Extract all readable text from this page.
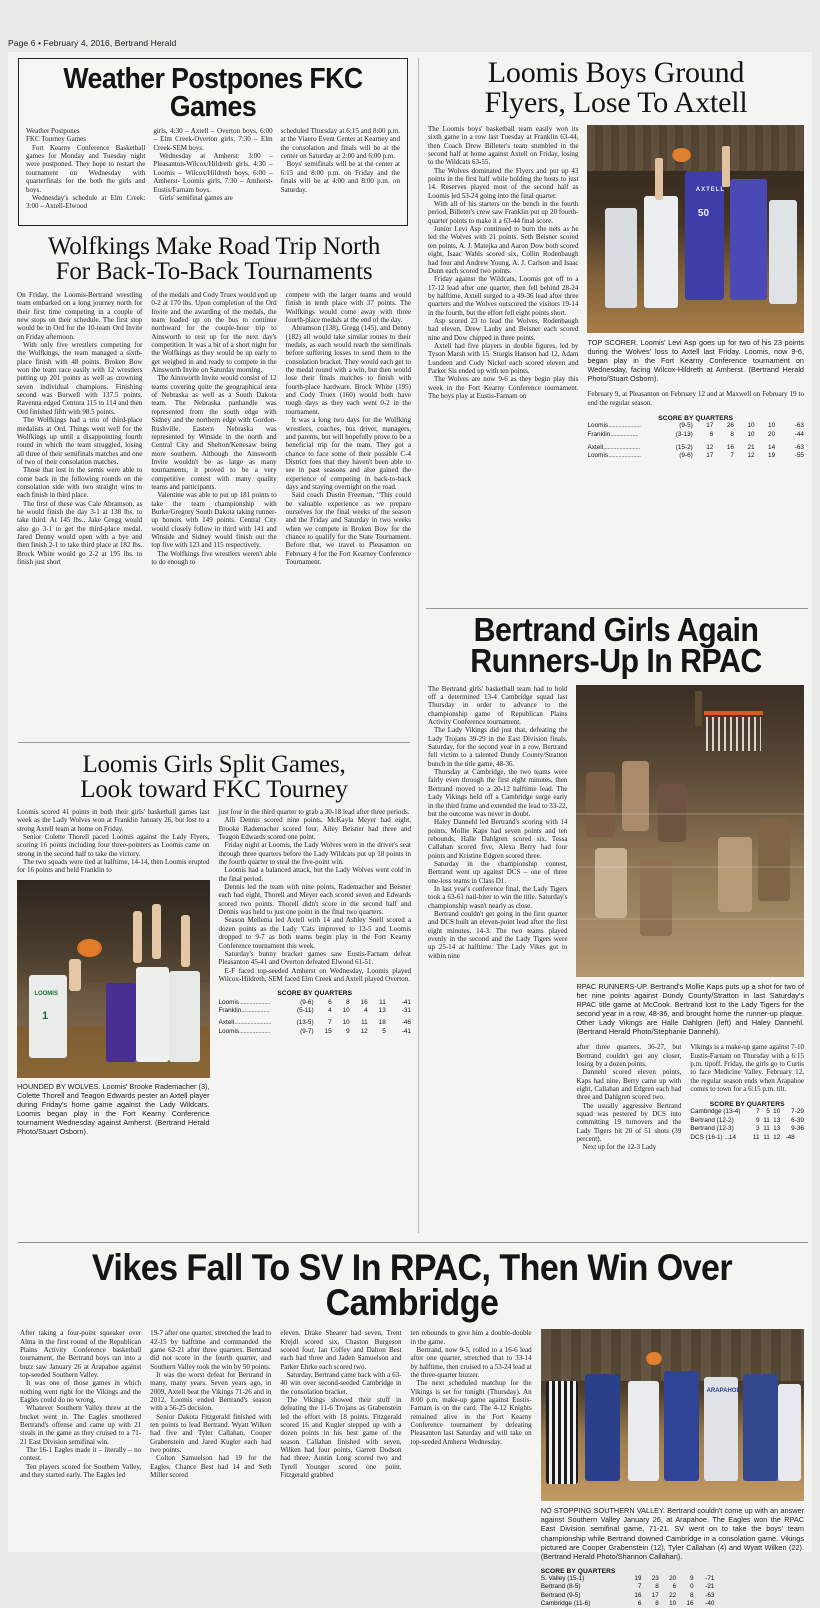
Page 6 • February 4, 2016, Bertrand Herald
Weather Postpones FKC Games

Weather Postpones

FKC Tourney Games

Fort Kearny Conference Basketball games for Monday and Tuesday night were postponed. They hope to restart the tournament on Wednesday with quarterfinals for the both the girls and boys.

Wednesday's schedule at Elm Creek: 3:00 – Axtell-Elwood

girls, 4:30 – Axtell – Overton boys, 6:00 – Elm Creek-Overton girls, 7:30 – Elm Creek-SEM boys.

Wednesday at Amherst: 3:00 – Pleasanton-Wilcox/Hildreth girls, 4:30 – Loomis – Wilcox/Hildreth boys, 6:00 – Amherst- Loomis girls, 7:30 – Amherst- Eustis/Farnam boys.

Girls' semifinal games are

scheduled Thursday at 6:15 and 8:00 p.m. at the Viaero Event Center at Kearney and the consolation and finals will be at the center on Saturday at 2:00 and 6:00 p.m.

Boys' semifinals will be at the center at 6:15 and 8:00 p.m. on Friday and the finals will be at 4:00 and 8:00 p.m. on Saturday.

Wolfkings Make Road Trip North
For Back-To-Back Tournaments

On Friday, the Loomis-Bertrand wrestling team embarked on a long journey north for their first time competing in a couple of new stops on their schedule. The first stop would be in Ord for the 10-team Ord Invite on Friday afternoon.

With only five wrestlers competing for the Wolfkings, the team managed a sixth-place finish with 48 points. Broken Bow won the team race easily with 12 wrestlers putting up 201 points as well as crowning seven individual champions. Finishing second was Burwell with 137.5 points. Ravenna edged Centura 115 to 114 and then Ord finished fifth with 98.5 points.

The Wolfkings had a trio of third-place medalists at Ord. Things went well for the Wolfkings up until a disappointing fourth round in which the team struggled, losing all three of their semifinals matches and one of two of their consolation matches.

Those that lost in the semis were able to come back in the following rounds on the consolation side with two straight wins to each finish in third place.

The first of these was Cale Abramson, as he would finish the day 3-1 at 138 lbs. to take third. At 145 lbs., Jake Gregg would also go 3-1 to get the third-place medal. Jared Denny would open with a bye and then finish 2-1 to take third place at 182 lbs. Brock White would go 2-2 at 195 lbs. to finish just short

of the medals and Cody Truex would end up 0-2 at 170 lbs. Upon completion of the Ord Invite and the awarding of the medals, the team loaded up on the bus to continue northward for the couple-hour trip to Ainsworth to rest up for the next day's competition. It was a bit of a short night for the Wolfkings as they would be up early to get weighed in and ready to compete in the Ainsworth Invite on Saturday morning.

The Ainsworth Invite would consist of 12 teams covering quite the geographical area of Nebraska as well as a South Dakota team. The Nebraska panhandle was represented from the south edge with Sidney and the northern edge with Gordon-Rushville. Eastern Nebraska was represented by Winside in the north and Central City and Shelton/Kenesaw being more southern. Although the Ainsworth Invite wouldn't be as large as many tournaments, it proved to be a very competitive contest with many quality teams and participants.

Valentine was able to put up 181 points to take the team championship with Burke/Gregory South Dakota taking runner-up honors with 149 points. Central City would closely follow in third with 141 and Winside and Sidney would finish out the top five with 123 and 115 respectively.

The Wolfkings five wrestlers weren't able to do enough to

compete with the larger teams and would finish in tenth place with 37 points. The Wolfkings would come away with three fourth-place medals at the end of the day.

Abramson (138), Gregg (145), and Denny (182) all would take similar routes to their medals, as each would reach the semifinals before suffering losses to send them to the consolation bracket. They would each get to the medal round with a win, but then would lose their finals matches to finish with fourth-place hardware. Brock White (195) and Cody Truex (160) would both have tough days as they each went 0-2 in the tournament.

It was a long two days for the Wolfking wrestlers, coaches, bus driver, managers, and parents, but will hopefully prove to be a beneficial trip for the team. They got a chance to face some of their possible C-4 District foes that they haven't been able to see in past seasons and also gained the experience of competing in back-to-back days and staying overnight on the road.

Said coach Dustin Freeman, "This could be valuable experience as we prepare ourselves for the final weeks of the season and the Friday and Saturday in two weeks when we compete in Broken Bow for the chance to qualify for the State Tournament. Before that, we travel to Pleasanton on February 4 for the Fort Kearney Conference Tournament.

Loomis Girls Split Games,
Look toward FKC Tourney

Loomis scored 41 points in both their girls' basketball games last week as the Lady Wolves won at Franklin January 26, but lost to a strong Axtell team at home on Friday.

Senior Colette Thorell paced Loomis against the Lady Flyers, scoring 16 points including four three-pointers as Loomis came on strong in the second half to take the victory.

The two squads were tied at halftime, 14-14, then Loomis erupted for 16 points and held Franklin to

LOOMIS
1
HOUNDED BY WOLVES. Loomis' Brooke Rademacher (3), Colette Thorell and Teagon Edwards pester an Axtell player during Friday's home game against the Lady Wildcats. Loomis began play in the Fort Kearny Conference tournament Wednesday against Amherst. (Bertrand Herald Photo/Stuart Osborn).

just four in the third quarter to grab a 30-18 lead after three periods.

Alli Dennis scored nine points, McKayla Meyer had eight, Brooke Rademacher scored four, Ailey Beisner had three and Teagon Edwards scored one point.

Friday night at Loomis, the Lady Wolves were in the driver's seat through three quarters before the Lady Wildcats put up 18 points in the fourth quarter to steal the five-point win.

Loomis had a balanced attack, but the Lady Wolves went cold in the final period.

Dennis led the team with nine points, Rademacher and Beisner each had eight, Thorell and Meyer each scored seven and Edwards scored two points. Thorell didn't score in the second half and Dennis was held to just one point in the final two quarters.

Season Mellema led Axtell with 14 and Ashley Snell scored a dozen points as the Lady 'Cats improved to 13-5 and Loomis dropped to 9-7 as both teams begin play in the Fort Kearny Conference tournament this week.

Saturday's bunny bracket games saw Eustis-Farnam defeat Pleasanton 45-41 and Overton defeated Elwood 61-51.

E-F faced top-seeded Amherst on Wednesday, Loomis played Wilcox-Hildreth, SEM faced Elm Creek and Axtell played Overton.

SCORE BY QUARTERS
Loomis.....................	(9-6)	6	8	16	11	-41
Franklin...................	(5-11)	4	10	4	13	-31

Axtell.........................	(13-5)	7	10	11	18	-46
Loomis.....................	(9-7)	15	9	12	5	-41
Loomis Boys Ground
Flyers, Lose To Axtell

The Loomis boys' basketball team easily won its sixth game in a row last Tuesday at Franklin 63-44, then Coach Drew Billeter's team stumbled in the second half at home against Axtell on Friday, losing to the Wildcats 63-55.

The Wolves dominated the Flyers and put up 43 points in the first half while holding the hosts to just 14. Reserves played most of the second half as Loomis led 53-24 going into the final quarter.

With all of his starters on the bench in the fourth period, Billeter's crew saw Franklin put up 20 fourth-quarter points to make it a 63-44 final score.

Junior Levi Asp continued to burn the nets as he led the Wolves with 21 points. Seth Beisner scored ten points, A. J. Matejka and Aaron Dow both scored eight, Isaac Wahls scored six, Collin Rodenbaugh had four and Andrew Young, A. J. Carlson and Isaac Dunn each scored two points.

Friday against the Wildcats, Loomis got off to a 17-12 lead after one quarter, then fell behind 28-24 by halftime. Axtell surged to a 49-36 lead after three quarters and the Wolves outscored the visitors 19-14 in the fourth, but the effort fell eight points short.

Asp scored 23 to lead the Wolves, Rodenbaugh had eleven, Drew Lauby and Beisner each scored nine and Dow chipped in three points.

Axtell had five players in double figures, led by Tyson Marsh with 15. Sturgis Hanson had 12, Adam Lundeen and Cody Nickel each scored eleven and Parker Sis ended up with ten points.

The Wolves are now 9-6 as they begin play this week in the Fort Kearny Conference tournament. The boys play at Eustis-Farnam on

AXTELL
50
TOP SCORER. Loomis' Levi Asp goes up for two of his 23 points during the Wolves' loss to Axtell last Friday. Loomis, now 9-6, began play in the Fort Kearny Conference tournament on Wednesday, facing Wilcox-Hildreth at Amherst. (Bertrand Herald Photo/Stuart Osborn).

February 9, at Pleasanton on February 12 and at Maxwell on February 19 to end the regular season.

SCORE BY QUARTERS
Loomis......................	(9-5)	17	26	10	10	-63
Franklin...................	(3-13)	6	8	10	20	-44

Axtell.........................	(15-2)	12	16	21	14	-63
Loomis......................	(9-6)	17	7	12	19	-55
Bertrand Girls Again
Runners-Up In RPAC

The Bertrand girls' basketball team had to hold off a determined 13-4 Cambridge squad last Thursday in order to advance to the championship game of Republican Plains Activity Conference tournament.

The Lady Vikings did just that, defeating the Lady Trojans 39-29 in the East Division finals. Saturday, for the second year in a row, Bertrand fell victim to a talented Dundy County/Stratton bunch in the title game, 48-36.

Thursday at Cambridge, the two teams were fairly even through the first eight minutes, then Bertrand moved to a 20-12 halftime lead. The Lady Vikings held off a Cambridge surge early in the third frame and extended the lead to 33-22, but the outcome was never in doubt.

Haley Dannehl led Bertrand's scoring with 14 points, Mollie Kaps had seven points and ten rebounds, Halle Dahlgren scored six, Tessa Callahan scored five, Alexa Berry had four points and Kristine Edgren scored three.

Saturday in the championship contest, Bertrand went up against DCS – one of three one-loss teams in Class D1.

In last year's conference final, the Lady Tigers took a 63-61 nail-biter to win the title. Saturday's championship wasn't nearly as close.

Bertrand couldn't get going in the first quarter and DCS built an eleven-point lead after the first eight minutes, 14-3. The two teams played evenly in the second and the Lady Tigers were up 25-14 at halftime. The Lady Vikes got to within nine

RPAC RUNNERS-UP. Bertrand's Mollie Kaps puts up a shot for two of her nine points against Dundy County/Stratton in last Saturday's RPAC title game at McCook. Bertrand lost to the Lady Tigers for the second year in a row, 48-36, and brought home the runner-up plaque. Other Lady Vikings are Halle Dahlgren (left) and Haley Dannehl. (Bertrand Herald Photo/Stephanie Dannehl).

after three quarters, 36-27, but Bertrand couldn't get any closer, losing by a dozen points.

Dannehl scored eleven points, Kaps had nine, Berry came up with eight, Callahan and Edgren each had three and Dahlgren scored two.

The usually aggressive Bertrand squad was pestered by DCS into committing 19 turnovers and the Lady Tigers hit 20 of 51 shots (39 percent).

Next up for the 12-3 Lady

Vikings is a make-up game against 7-10 Eustis-Farnam on Thursday with a 6:15 p.m. tipoff. Friday, the girls go to Curtis to face Medicine Valley. February 12, the regular season ends when Arapahoe comes to town for a 6:15 p.m. tilt.

SCORE BY QUARTERS
Cambridge (13-4)	7	5	10	7	-29
Bertrand (12-2)	9	11	13	6	-39
Bertrand (12-3)	3	11	13	9	-36
DCS (16-1) ...14	11	11	12	-48	
Vikes Fall To SV In RPAC, Then Win Over Cambridge

After taking a four-point squeaker over Alma in the first round of the Republican Plains Activity Conference basketball tournament, the Bertrand boys ran into a buzz saw January 26 at Arapahoe against top-seeded Southern Valley.

It was one of those games in which nothing went right for the Vikings and the Eagles could do no wrong.

Whatever Southern Valley threw at the bucket went in. The Eagles smothered Bertrand's offense and came up with 21 steals in the game as they cruised to a 71-21 East Division semifinal win.

The 16-1 Eagles made it – literally – no contest.

Ten players scored for Southern Valley, and they started early. The Eagles led

19-7 after one quarter, stretched the lead to 42-15 by halftime and commanded the game 62-21 after three quarters. Bertrand did not score in the fourth quarter, and Southern Valley took the win by 50 points.

It was the worst defeat for Bertrand in many, many years. Seven years ago, in 2009, Axtell beat the Vikings 71-26 and in 2012, Loomis ended Bertrand's season with a 56-25 decision.

Senior Dakota Fitzgerald finished with ten points to lead Bertrand. Wyatt Wilken had five and Tyler Callahan, Cooper Grabenstein and Jared Kugler each had two points.

Colton Samuelson had 19 for the Eagles, Chance Best had 14 and Seth Miller scored

eleven. Drake Shearer had seven, Trent Krejdl scored six, Chaston Burgeson scored four, Ian Coffey and Dalton Best each had three and Jaden Samuelson and Parker Ehrke each scored two.

Saturday, Bertrand came back with a 63-40 win over second-seeded Cambridge in the consolation bracket.

The Vikings showed their stuff in defeating the 11-6 Trojans as Grabenstein led the effort with 18 points. Fitzgerald scored 16 and Kugler stepped up with a dozen points in his best game of the season. Callahan finished with seven, Wilken had four points, Garrett Dodson had three, Austin Long scored two and Tyrell Younger scored one point. Fitzgerald grabbed

ten rebounds to give him a double-double in the game.

Bertrand, now 9-5, rolled to a 16-6 lead after one quarter, stretched that to 33-14 by halftime, then cruised to a 53-24 lead at the three-quarter buzzer.

The next scheduled matchup for the Vikings is set for tonight (Thursday). An 8:00 p.m. make-up game against Eustis-Farnam is on the card. The 4-12 Knights remained alive in the Fort Kearny Conference tournament by defeating Pleasanton last Saturday and will take on top-seeded Amherst Wednesday.

ARAPAHOE
NO STOPPING SOUTHERN VALLEY. Bertrand couldn't come up with an answer against Southern Valley January 26, at Arapahoe. The Eagles won the RPAC East Division semifinal game, 71-21. SV went on to take the boys' team championship while Bertrand downed Cambridge in a consolation game. Vikings pictured are Cooper Grabenstein (12), Tyler Callahan (4) and Wyatt Wilken (22). (Bertrand Herald Photo/Shannon Callahan).
SCORE BY QUARTERS
S. Valley (15-1)	19	23	20	9	-71
Bertrand (8-5)	7	8	6	0	-21
Bertrand (9-5)	16	17	22	8	-63
Cambridge (11-6)	6	8	10	16	-40
